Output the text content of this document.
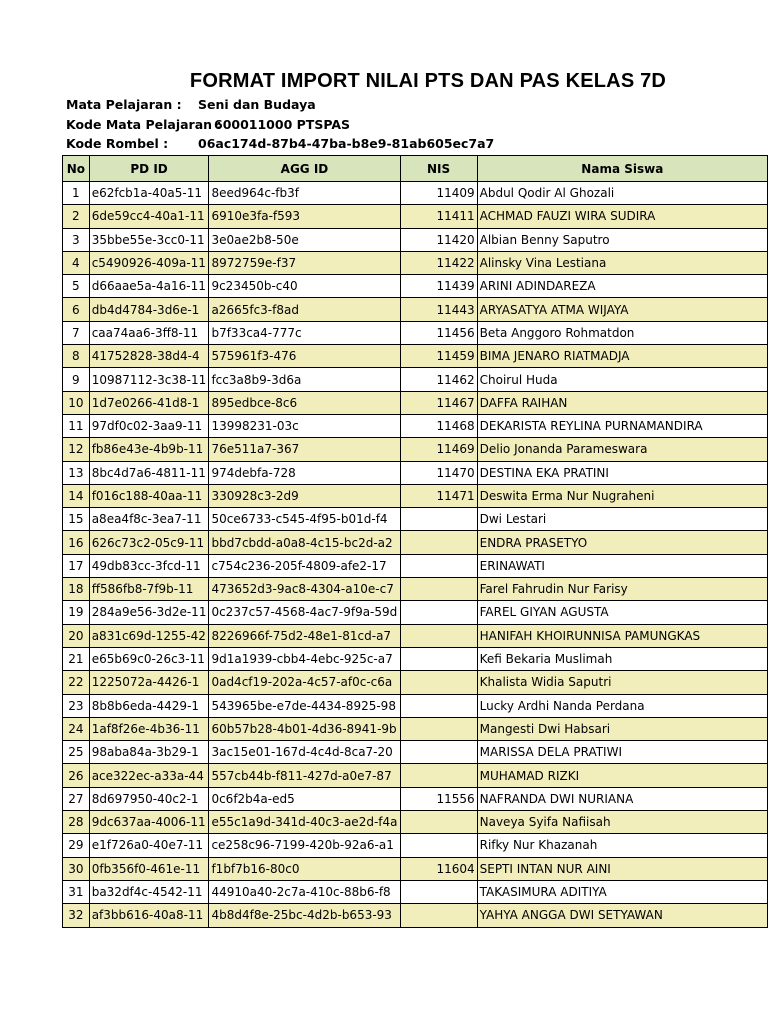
FORMAT IMPORT NILAI PTS DAN PAS KELAS 7D
Mata Pelajaran : Seni dan Budaya
Kode Mata Pelajaran :
600011000 PTSPAS
Kode Rombel : 06ac174d-87b4-47ba-b8e9-81ab605ec7a7
No	PD ID	AGG ID	NIS	Nama Siswa
1	e62fcb1a-40a5-11	8eed964c-fb3f	11409	Abdul Qodir Al Ghozali
2	6de59cc4-40a1-11	6910e3fa-f593	11411	ACHMAD FAUZI WIRA SUDIRA
3	35bbe55e-3cc0-11	3e0ae2b8-50e	11420	Albian Benny Saputro
4	c5490926-409a-11	8972759e-f37	11422	Alinsky Vina Lestiana
5	d66aae5a-4a16-11	9c23450b-c40	11439	ARINI ADINDAREZA
6	db4d4784-3d6e-1	a2665fc3-f8ad	11443	ARYASATYA ATMA WIJAYA
7	caa74aa6-3ff8-11	b7f33ca4-777c	11456	Beta Anggoro Rohmatdon
8	41752828-38d4-4	575961f3-476	11459	BIMA JENARO RIATMADJA
9	10987112-3c38-11	fcc3a8b9-3d6a	11462	Choirul Huda
10	1d7e0266-41d8-1	895edbce-8c6	11467	DAFFA RAIHAN
11	97df0c02-3aa9-11	13998231-03c	11468	DEKARISTA REYLINA PURNAMANDIRA
12	fb86e43e-4b9b-11	76e511a7-367	11469	Delio Jonanda Parameswara
13	8bc4d7a6-4811-11	974debfa-728	11470	DESTINA EKA PRATINI
14	f016c188-40aa-11	330928c3-2d9	11471	Deswita Erma Nur Nugraheni
15	a8ea4f8c-3ea7-11	50ce6733-c545-4f95-b01d-f4		Dwi Lestari
16	626c73c2-05c9-11	bbd7cbdd-a0a8-4c15-bc2d-a2		ENDRA PRASETYO
17	49db83cc-3fcd-11	c754c236-205f-4809-afe2-17		ERINAWATI
18	ff586fb8-7f9b-11	473652d3-9ac8-4304-a10e-c7		Farel Fahrudin Nur Farisy
19	284a9e56-3d2e-11	0c237c57-4568-4ac7-9f9a-59d		FAREL GIYAN AGUSTA
20	a831c69d-1255-42	8226966f-75d2-48e1-81cd-a7		HANIFAH KHOIRUNNISA PAMUNGKAS
21	e65b69c0-26c3-11	9d1a1939-cbb4-4ebc-925c-a7		Kefi Bekaria Muslimah
22	1225072a-4426-1	0ad4cf19-202a-4c57-af0c-c6a		Khalista Widia Saputri
23	8b8b6eda-4429-1	543965be-e7de-4434-8925-98		Lucky Ardhi Nanda Perdana
24	1af8f26e-4b36-11	60b57b28-4b01-4d36-8941-9b		Mangesti Dwi Habsari
25	98aba84a-3b29-1	3ac15e01-167d-4c4d-8ca7-20		MARISSA DELA PRATIWI
26	ace322ec-a33a-44	557cb44b-f811-427d-a0e7-87		MUHAMAD RIZKI
27	8d697950-40c2-1	0c6f2b4a-ed5	11556	NAFRANDA DWI NURIANA
28	9dc637aa-4006-11	e55c1a9d-341d-40c3-ae2d-f4a		Naveya Syifa Nafiisah
29	e1f726a0-40e7-11	ce258c96-7199-420b-92a6-a1		Rifky Nur Khazanah
30	0fb356f0-461e-11	f1bf7b16-80c0	11604	SEPTI INTAN NUR AINI
31	ba32df4c-4542-11	44910a40-2c7a-410c-88b6-f8		TAKASIMURA ADITIYA
32	af3bb616-40a8-11	4b8d4f8e-25bc-4d2b-b653-93		YAHYA ANGGA DWI SETYAWAN
